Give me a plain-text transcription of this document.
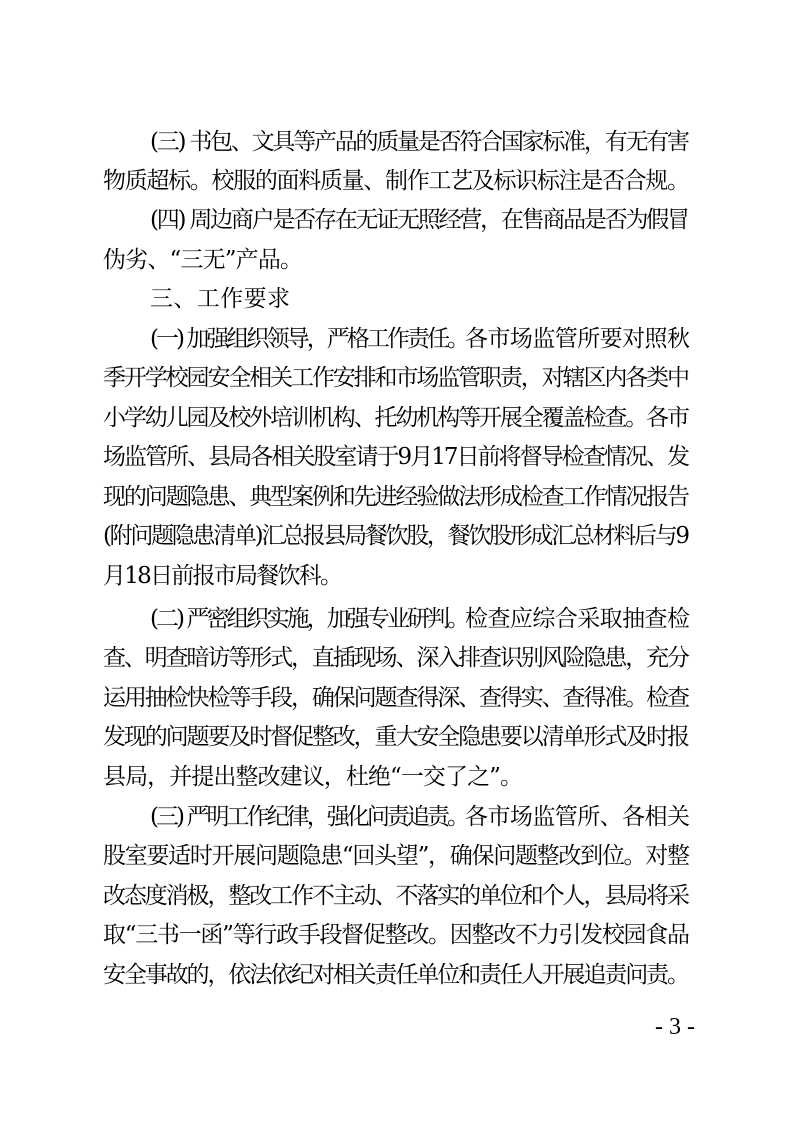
(三) 书包、文具等产品的质量是否符合国家标准，有无有害
物质超标。校服的面料质量、制作工艺及标识标注是否合规。
(四) 周边商户是否存在无证无照经营，在售商品是否为假冒
伪劣、“三无”产品。
三、工作要求
(一) 加强组织领导，严格工作责任。
各市场监管所要对照秋
季开学校园安全相关工作安排和市场监管职责，对辖区内各类中
小学幼儿园及校外培训机构、托幼机构等开展全覆盖检查。各市
场监管所、县局各相关股室请于9月17日前将督导检查情况、发
现的问题隐患、典型案例和先进经验做法形成检查工作情况报告
(附问题隐患清单)汇总报县局餐饮股，餐饮股形成汇总材料后与9
月18日前报市局餐饮科。
(二) 严密组织实施，加强专业研判。
检查应综合采取抽查检
查、明查暗访等形式，直插现场、深入排查识别风险隐患，充分
运用抽检快检等手段，确保问题查得深、查得实、查得准。检查
发现的问题要及时督促整改，重大安全隐患要以清单形式及时报
县局，并提出整改建议，杜绝“一交了之”。
(三) 严明工作纪律，强化问责追责。
各市场监管所、各相关
股室要适时开展问题隐患“回头望”，确保问题整改到位。对整
改态度消极，整改工作不主动、不落实的单位和个人，县局将采
取“三书一函”等行政手段督促整改。因整改不力引发校园食品
安全事故的，依法依纪对相关责任单位和责任人开展追责问责。
- 3 -
